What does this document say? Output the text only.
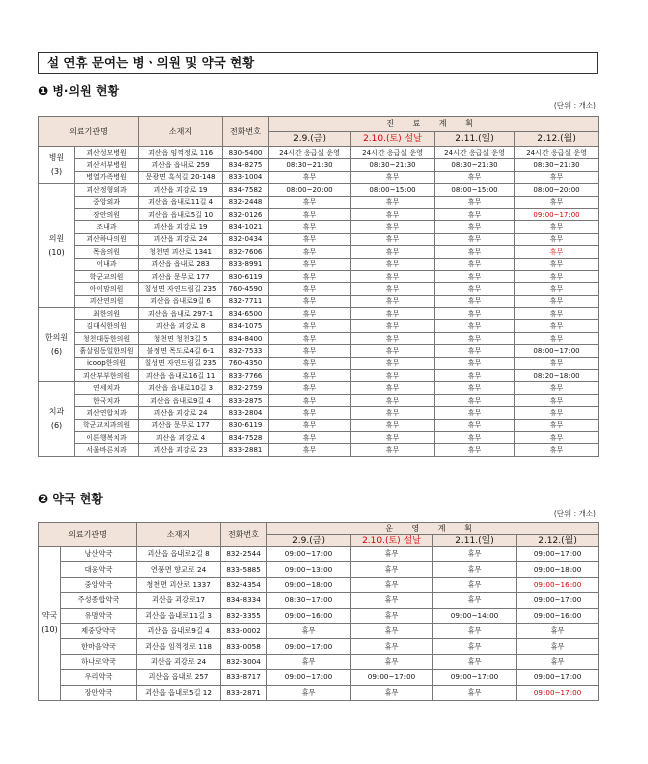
설 연휴 문여는 병ㆍ의원 및 약국 현황
❶ 병·의원 현황
(단위 : 개소)
의료기관명		소재지	전화번호	진 료 계 획			
				2.9.(금)	2.10.(토) 설날	2.11.(일)	2.12.(월)
병원
(3)	괴산성모병원	괴산읍 임꺽정로 116	830-5400	24시간 응급실 운영	24시간 응급실 운영	24시간 응급실 운영	24시간 응급실 운영
	괴산서부병원	괴산읍 읍내로 259	834-8275	08:30~21:30	08:30~21:30	08:30~21:30	08:30~21:30
	병열가족병원	문광면 흑석길 20-148	833-1004	휴무	휴무	휴무	휴무
의원
(10)	괴산정형외과	괴산읍 괴강로 19	834-7582	08:00~20:00	08:00~15:00	08:00~15:00	08:00~20:00
	중앙외과	괴산읍 읍내로11길 4	832-2448	휴무	휴무	휴무	휴무
	장안의원	괴산읍 읍내로5길 10	832-0126	휴무	휴무	휴무	09:00~17:00
	조내과	괴산읍 괴강로 19	834-1021	휴무	휴무	휴무	휴무
	괴산하나의원	괴산읍 괴강로 24	832-0434	휴무	휴무	휴무	휴무
	목음의원	청천면 괴산로 1341	832-7606	휴무	휴무	휴무	휴무
	이내과	괴산읍 읍내로 283	833-8991	휴무	휴무	휴무	휴무
	학군교의원	괴산읍 문무로 177	830-6119	휴무	휴무	휴무	휴무
	아이맘의원	칠성면 자연드림길 235	760-4590	휴무	휴무	휴무	휴무
	괴산연의원	괴산읍 읍내로9길 6	832-7711	휴무	휴무	휴무	휴무
한의원
(6)	최한의원	괴산읍 읍내로 297-1	834-6500	휴무	휴무	휴무	휴무
	김대식한의원	괴산읍 괴강로 8	834-1075	휴무	휴무	휴무	휴무
	청천대동한의원	청천면 청천3길 5	834-8400	휴무	휴무	휴무	휴무
	흙살림동일한의원	불정면 목도로4길 6-1	832-7533	휴무	휴무	휴무	08:00~17:00
	icoop한의원	칠성면 자연드림길 235	760-4350	휴무	휴무	휴무	휴무
	괴산부부한의원	괴산읍 읍내로16길 11	833-7766	휴무	휴무	휴무	08:20~18:00
치과
(6)	연세치과	괴산읍 읍내로10길 3	832-2759	휴무	휴무	휴무	휴무
	한국치과	괴산읍 읍내로9길 4	833-2875	휴무	휴무	휴무	휴무
	괴산연합치과	괴산읍 괴강로 24	833-2804	휴무	휴무	휴무	휴무
	학군교치과의원	괴산읍 문무로 177	830-6119	휴무	휴무	휴무	휴무
	이튼행복치과	괴산읍 괴강로 4	834-7528	휴무	휴무	휴무	휴무
	서울바른치과	괴산읍 괴강로 23	833-2881	휴무	휴무	휴무	휴무
❷ 약국 현황
(단위 : 개소)
의료기관명		소재지	전화번호	운 영 계 획			
				2.9.(금)	2.10.(토) 설날	2.11.(일)	2.12.(월)
약국
(10)	낭산약국	괴산읍 읍내로2길 8	832-2544	09:00~17:00	휴무	휴무	09:00~17:00
	대웅약국	연풍면 향교로 24	833-5885	09:00~13:00	휴무	휴무	09:00~18:00
	중앙약국	청천면 괴산로 1337	832-4354	09:00~18:00	휴무	휴무	09:00~16:00
	주성종합약국	괴산읍 괴강로17	834-8334	08:30~17:00	휴무	휴무	09:00~17:00
	유명약국	괴산읍 읍내로11길 3	832-3355	09:00~16:00	휴무	09:00~14:00	09:00~16:00
	제중당약국	괴산읍 읍내로9길 4	833-0002	휴무	휴무	휴무	휴무
	한마음약국	괴산읍 임꺽정로 118	833-0058	09:00~17:00	휴무	휴무	휴무
	하나로약국	괴산읍 괴강로 24	832-3004	휴무	휴무	휴무	휴무
	우리약국	괴산읍 읍내로 257	833-8717	09:00~17:00	09:00~17:00	09:00~17:00	09:00~17:00
	장안약국	괴산읍 읍내로5길 12	833-2871	휴무	휴무	휴무	09:00~17:00
